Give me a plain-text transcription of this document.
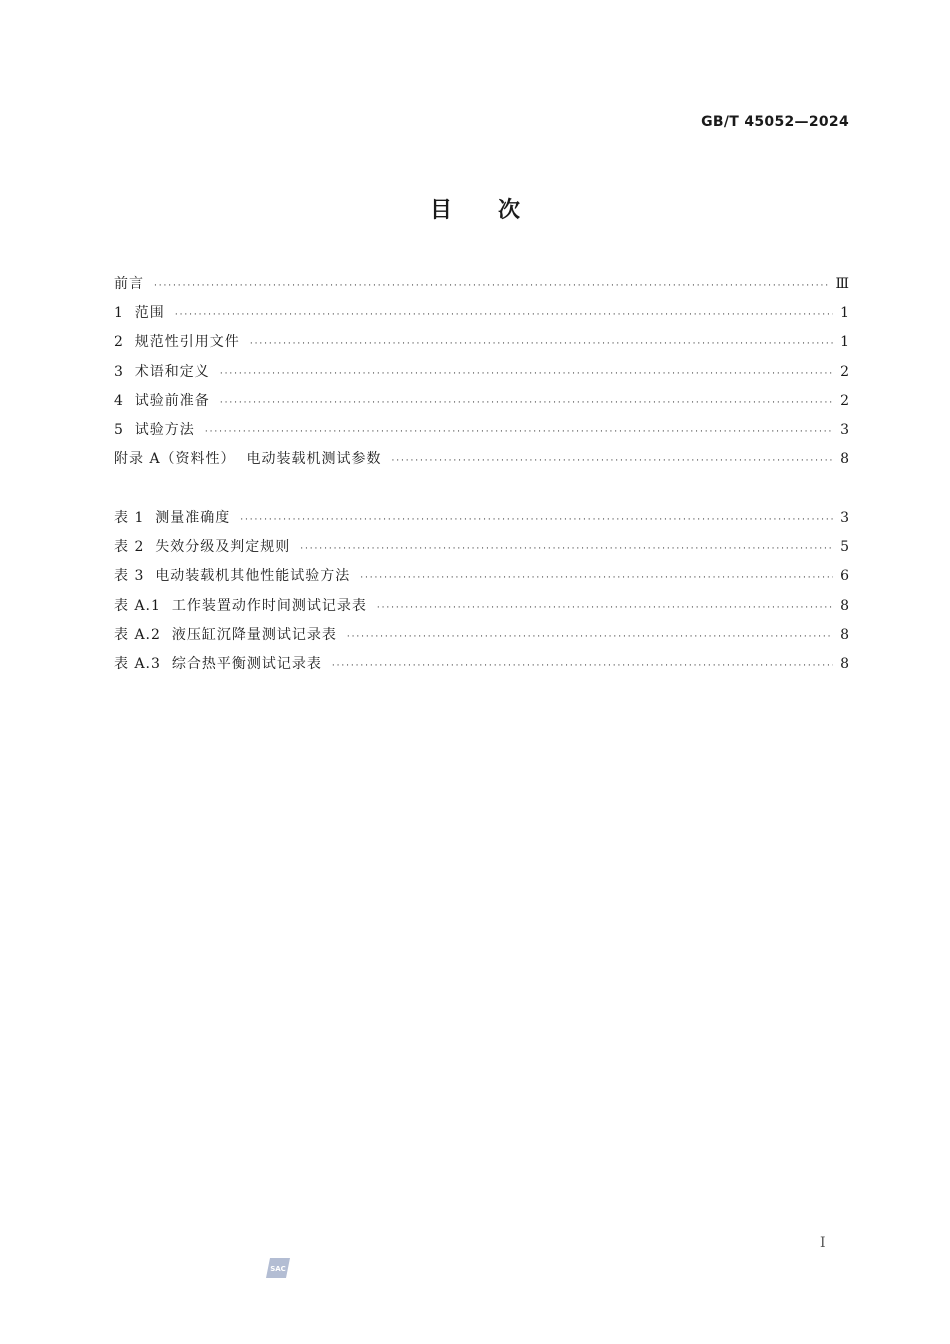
GB/T 45052—2024
目次
前言 ·····	Ⅲ
1  范围 ·····	1
2  规范性引用文件 ·····	1
3  术语和定义 ·····	2
4  试验前准备 ·····	2
5  试验方法 ·····	3
附录 A（资料性）  电动装载机测试参数 ·····	8
表 1  测量准确度 ·····	3
表 2  失效分级及判定规则 ·····	5
表 3  电动装载机其他性能试验方法 ·····	6
表 A.1  工作装置动作时间测试记录表 ·····	8
表 A.2  液压缸沉降量测试记录表 ·····	8
表 A.3  综合热平衡测试记录表 ·····	8
I
SAC
